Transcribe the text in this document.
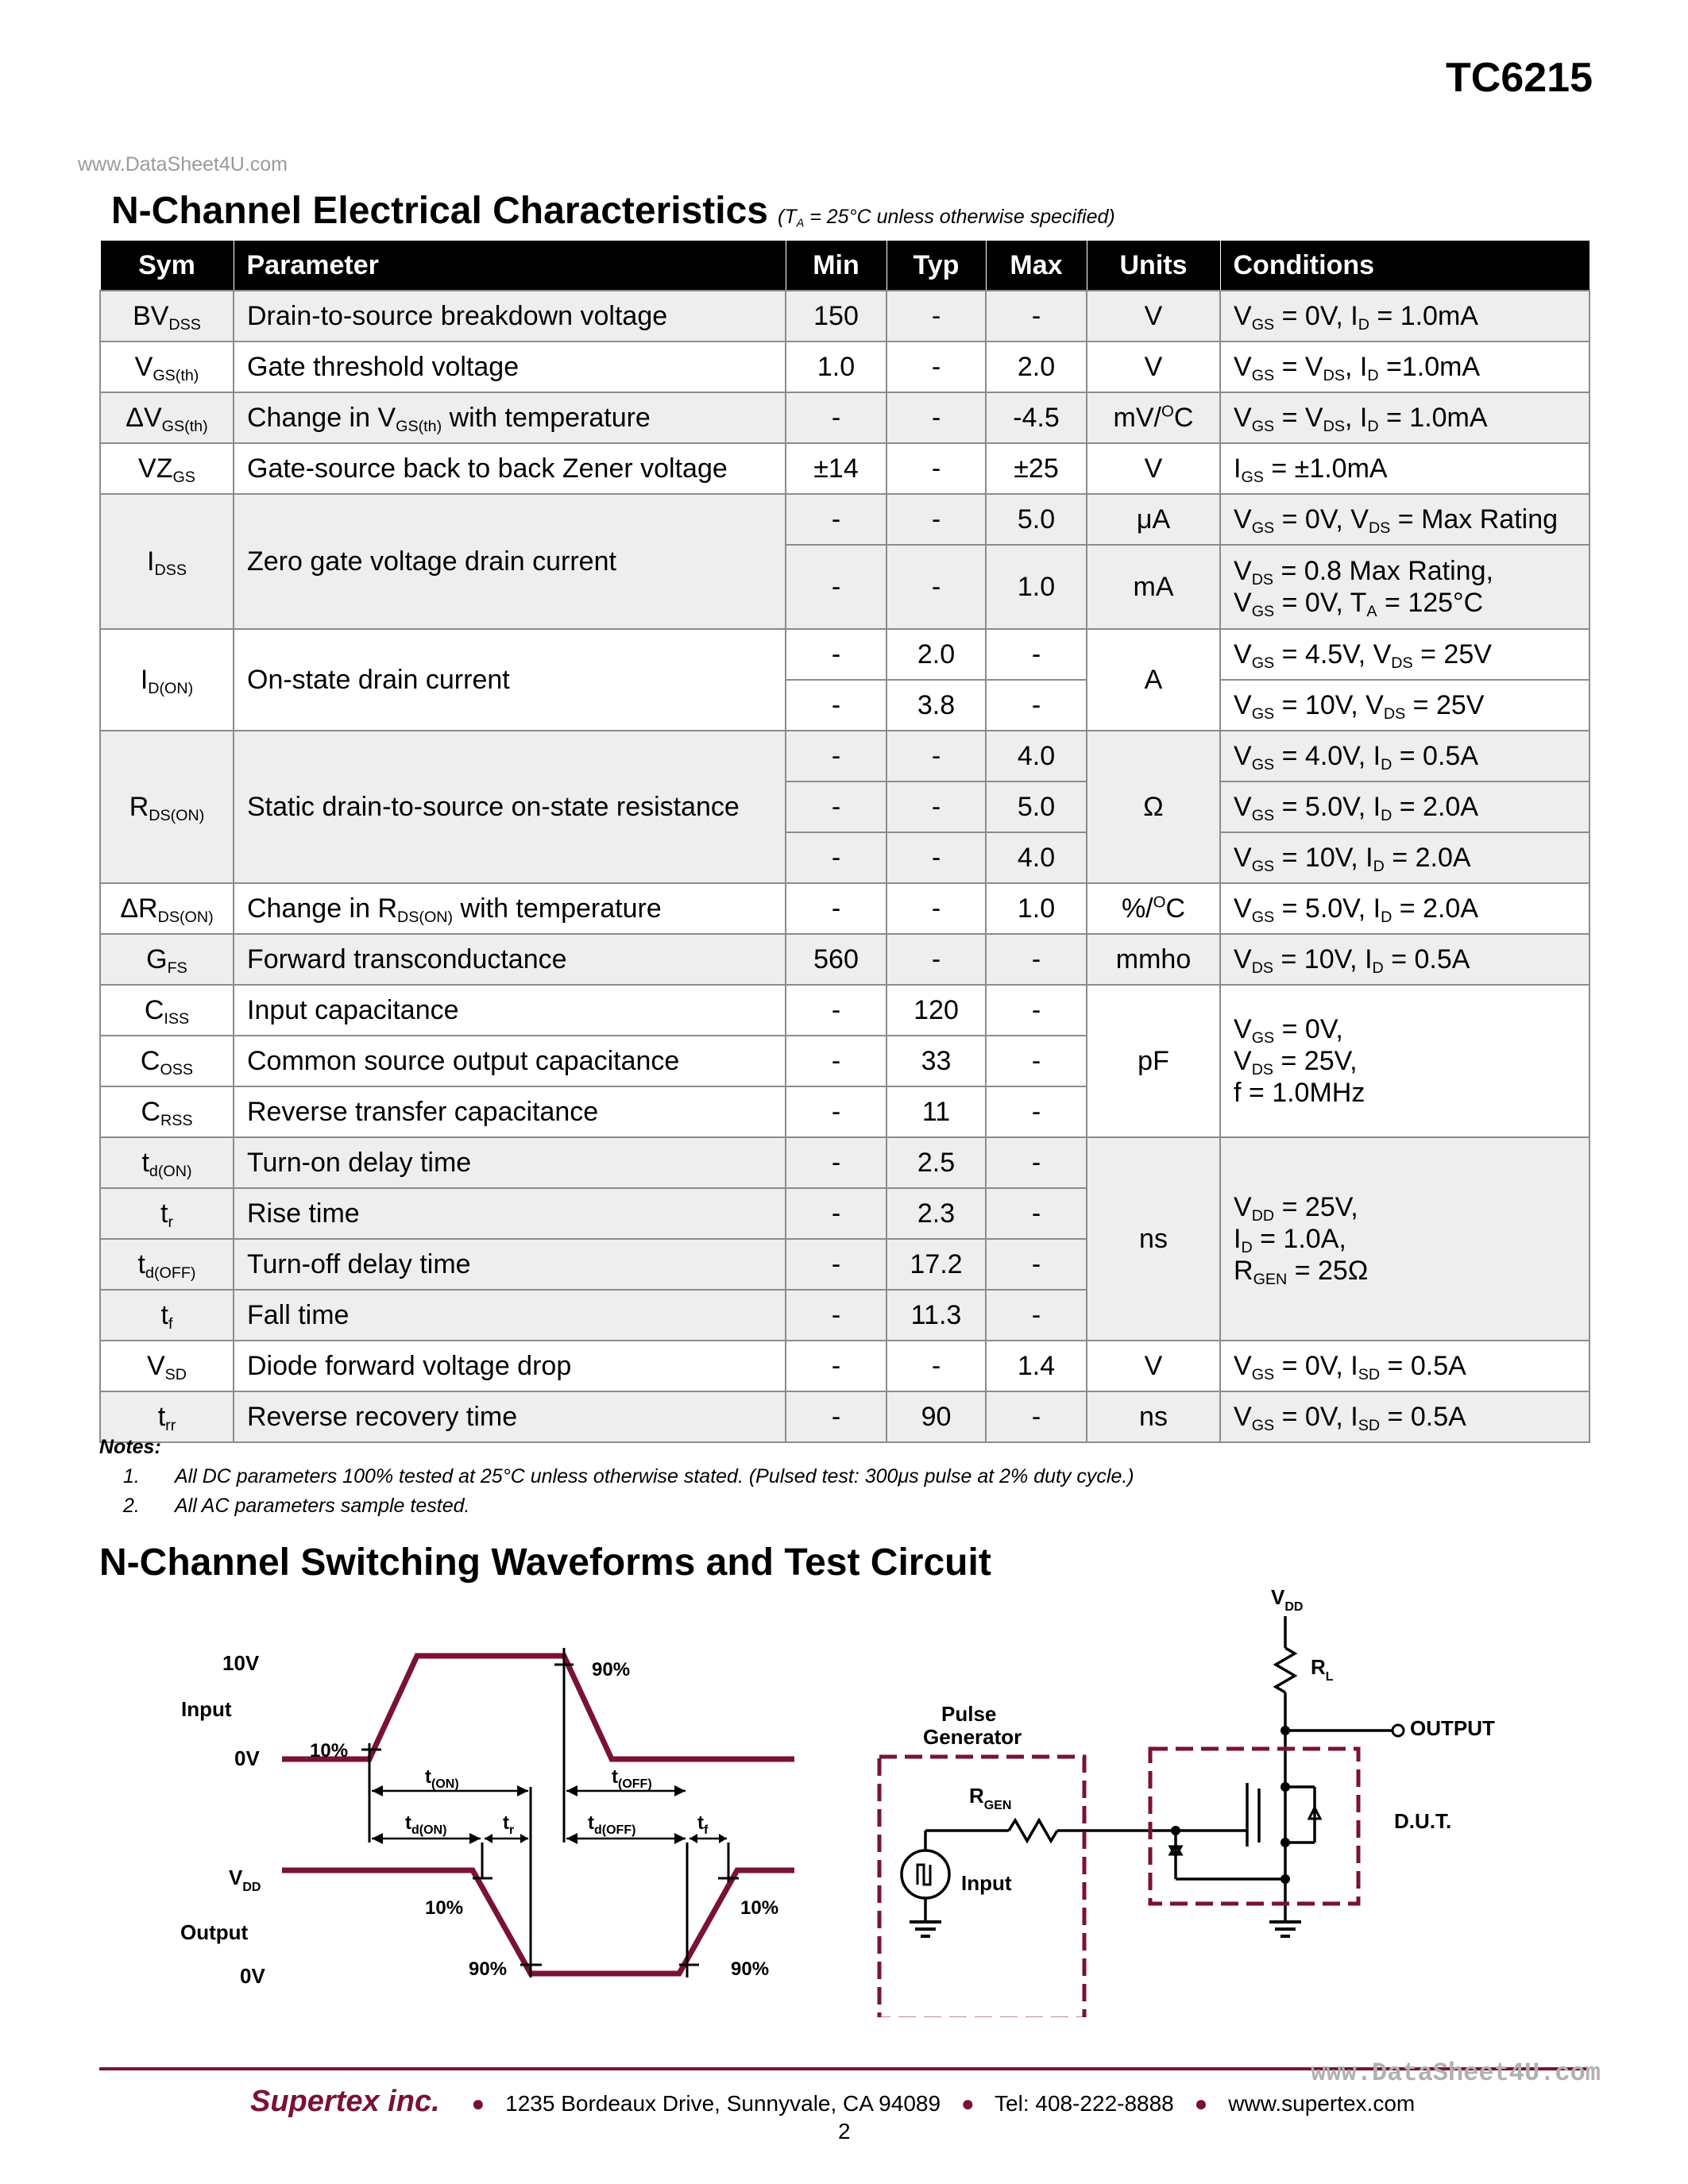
TC6215
www.DataSheet4U.com
N-Channel Electrical Characteristics ($T_A = 25^\circ C$ unless otherwise specified)
Sym	Parameter	Min	Typ	Max	Units	Conditions
$BV_{DSS}$	Drain-to-source breakdown voltage	150	-	-	V	$V_{GS} = 0V$, $I_D = 1.0mA$
$V_{GS(th)}$	Gate threshold voltage	1.0	-	2.0	V	$V_{GS} = V_{DS}$, $I_D =1.0mA$
$\Delta V_{GS(th)}$	Change in $V_{GS(th)}$ with temperature	-	-	-4.5	mV/$^O$C	$V_{GS} = V_{DS}$, $I_D = 1.0mA$
$VZ_{GS}$	Gate-source back to back Zener voltage	±14	-	±25	V	$I_{GS} = \pm 1.0mA$
$I_{DSS}$	Zero gate voltage drain current	-	-	5.0	μA	$V_{GS} = 0V$, $V_{DS}$ = Max Rating
		-	-	1.0	mA	$V_{DS} = 0.8$ Max Rating,
$V_{GS} = 0V$, $T_A = 125^\circ C$
$I_{D(ON)}$	On-state drain current	-	2.0	-	A	$V_{GS} = 4.5V$, $V_{DS} = 25V$
		-	3.8	-		$V_{GS} = 10V$, $V_{DS} = 25V$
$R_{DS(ON)}$	Static drain-to-source on-state resistance	-	-	4.0	Ω	$V_{GS} = 4.0V$, $I_D = 0.5A$
		-	-	5.0		$V_{GS} = 5.0V$, $I_D = 2.0A$
		-	-	4.0		$V_{GS} = 10V$, $I_D = 2.0A$
$\Delta R_{DS(ON)}$	Change in $R_{DS(ON)}$ with temperature	-	-	1.0	%/$^O$C	$V_{GS} = 5.0V$, $I_D = 2.0A$
$G_{FS}$	Forward transconductance	560	-	-	mmho	$V_{DS} = 10V$, $I_D = 0.5A$
$C_{ISS}$	Input capacitance	-	120	-	pF	$V_{GS} = 0V$,
$V_{DS} = 25V$,
f = 1.0MHz
$C_{OSS}$	Common source output capacitance	-	33	-		
$C_{RSS}$	Reverse transfer capacitance	-	11	-		
$t_{d(ON)}$	Turn-on delay time	-	2.5	-	ns	$V_{DD} = 25V$,
$I_D = 1.0A$,
$R_{GEN} = 25\Omega$
$t_r$	Rise time	-	2.3	-		
$t_{d(OFF)}$	Turn-off delay time	-	17.2	-		
$t_f$	Fall time	-	11.3	-		
$V_{SD}$	Diode forward voltage drop	-	-	1.4	V	$V_{GS} = 0V$, $I_{SD} = 0.5A$
$t_{rr}$	Reverse recovery time	-	90	-	ns	$V_{GS} = 0V$, $I_{SD} = 0.5A$
Notes:
1. All DC parameters 100% tested at 25°C unless otherwise stated. (Pulsed test: 300μs pulse at 2% duty cycle.)
2. All AC parameters sample tested.
N-Channel Switching Waveforms and Test Circuit
10V
Input
0V
$V_{DD}$
Output
0V
10%
90%
$t_{(ON)}$	$t_{(OFF)}$
$t_{d(ON)}$	$t_r$	$t_{d(OFF)}$	$t_f$
10%
90%	90%
10%
$V_{DD}$
$R_L$
OUTPUT
Pulse
Generator
$R_{GEN}$
Input
D.U.T.
www.DataSheet4U.com
Supertex inc. ● 1235 Bordeaux Drive, Sunnyvale, CA 94089 ● Tel: 408-222-8888 ● www.supertex.com
2
